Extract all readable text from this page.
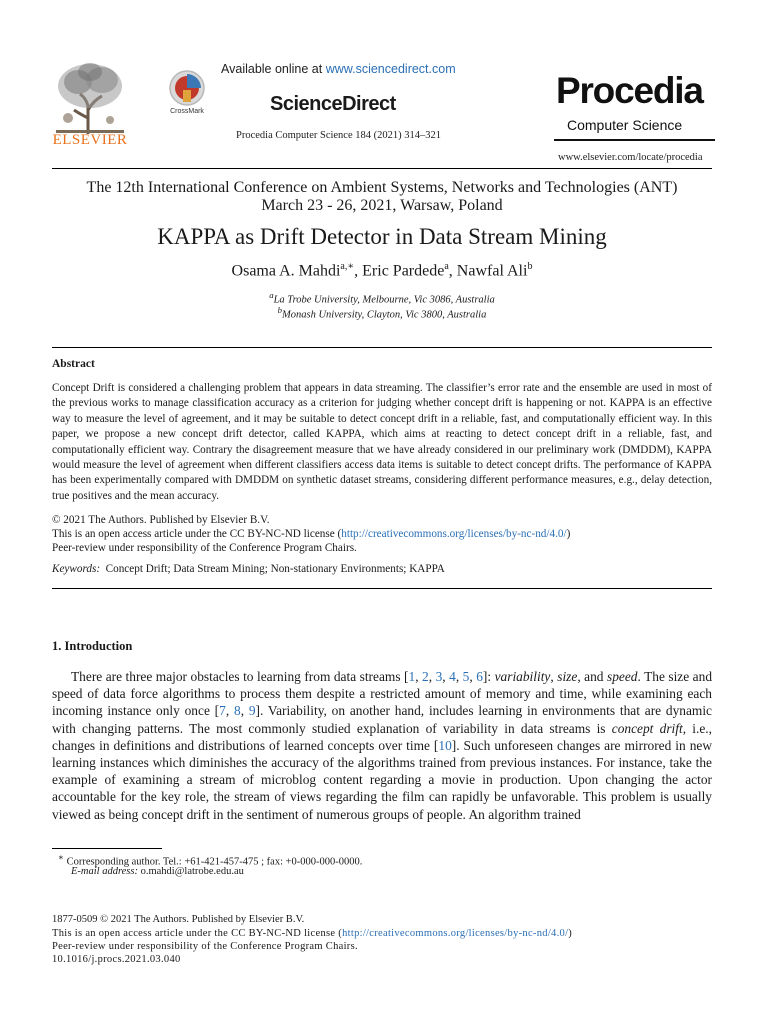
ELSEVIER
CrossMark
Available online at www.sciencedirect.com
ScienceDirect
Procedia Computer Science 184 (2021) 314–321
Procedia
Computer Science
www.elsevier.com/locate/procedia
The 12th International Conference on Ambient Systems, Networks and Technologies (ANT)
March 23 - 26, 2021, Warsaw, Poland
KAPPA as Drift Detector in Data Stream Mining
Osama A. Mahdi$^{a,∗}$, Eric Pardede$^a$, Nawfal Ali$^b$
$^a$La Trobe University, Melbourne, Vic 3086, Australia
$^b$Monash University, Clayton, Vic 3800, Australia
Abstract
Concept Drift is considered a challenging problem that appears in data streaming. The classifier’s error rate and the ensemble are used in most of the previous works to manage classification accuracy as a criterion for judging whether concept drift is happening or not. KAPPA is an effective way to measure the level of agreement, and it may be suitable to detect concept drift in a reliable, fast, and computationally efficient way. In this paper, we propose a new concept drift detector, called KAPPA, which aims at reacting to detect concept drift in a reliable, fast, and computationally efficient way. Contrary the disagreement measure that we have already considered in our preliminary work (DMDDM), KAPPA would measure the level of agreement when different classifiers access data items is suitable to detect concept drifts. The performance of KAPPA has been experimentally compared with DMDDM on synthetic dataset streams, considering different performance measures, e.g., delay detection, true positives and the mean accuracy.
© 2021 The Authors. Published by Elsevier B.V.
This is an open access article under the CC BY-NC-ND license (http://creativecommons.org/licenses/by-nc-nd/4.0/)
Peer-review under responsibility of the Conference Program Chairs.
Keywords: Concept Drift; Data Stream Mining; Non-stationary Environments; KAPPA
1. Introduction

There are three major obstacles to learning from data streams [1, 2, 3, 4, 5, 6]: variability, size, and speed. The size and speed of data force algorithms to process them despite a restricted amount of memory and time, while examining each incoming instance only once [7, 8, 9]. Variability, on another hand, includes learning in environments that are dynamic with changing patterns. The most commonly studied explanation of variability in data streams is concept drift, i.e., changes in definitions and distributions of learned concepts over time [10]. Such unforeseen changes are mirrored in new learning instances which diminishes the accuracy of the algorithms trained from previous instances. For instance, take the example of examining a stream of microblog content regarding a movie in production. Upon changing the actor accountable for the key role, the stream of views regarding the film can rapidly be unfavorable. This problem is usually viewed as being concept drift in the sentiment of numerous groups of people. An algorithm trained

∗ Corresponding author. Tel.: +61-421-457-475 ; fax: +0-000-000-0000.
E-mail address: o.mahdi@latrobe.edu.au
1877-0509 © 2021 The Authors. Published by Elsevier B.V.
This is an open access article under the CC BY-NC-ND license (http://creativecommons.org/licenses/by-nc-nd/4.0/)
Peer-review under responsibility of the Conference Program Chairs.
10.1016/j.procs.2021.03.040
